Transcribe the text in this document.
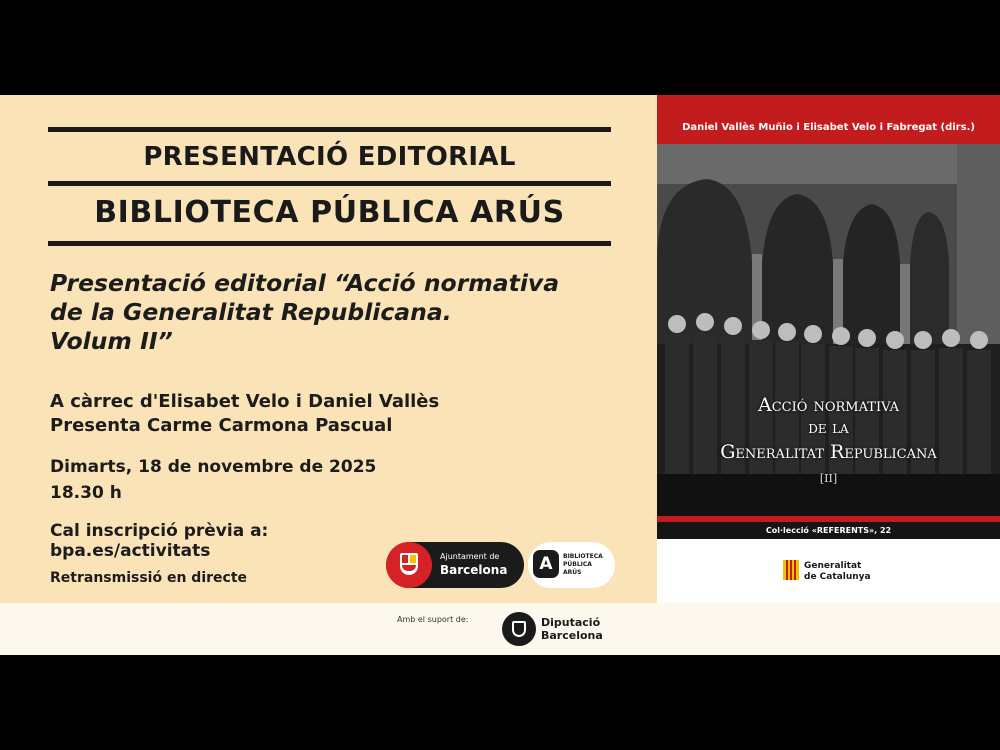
PRESENTACIÓ EDITORIAL
BIBLIOTECA PÚBLICA ARÚS
Presentació editorial “Acció normativa
de la Generalitat Republicana.
Volum II”
A càrrec d'Elisabet Velo i Daniel Vallès
Presenta Carme Carmona Pascual
Dimarts, 18 de novembre de 2025
18.30 h
Cal inscripció prèvia a:
bpa.es/activitats
Retransmissió en directe
Ajuntament de
Barcelona	A	BIBLIOTECA
PÚBLICA
ARÚS
Daniel Vallès Muñio i Elisabet Velo i Fabregat (dirs.)
Acció normativa
de la
Generalitat Republicana
[II]
Col·lecció «REFERENTS», 22
Generalitat
de Catalunya
Amb el suport de:	Diputació
Barcelona
